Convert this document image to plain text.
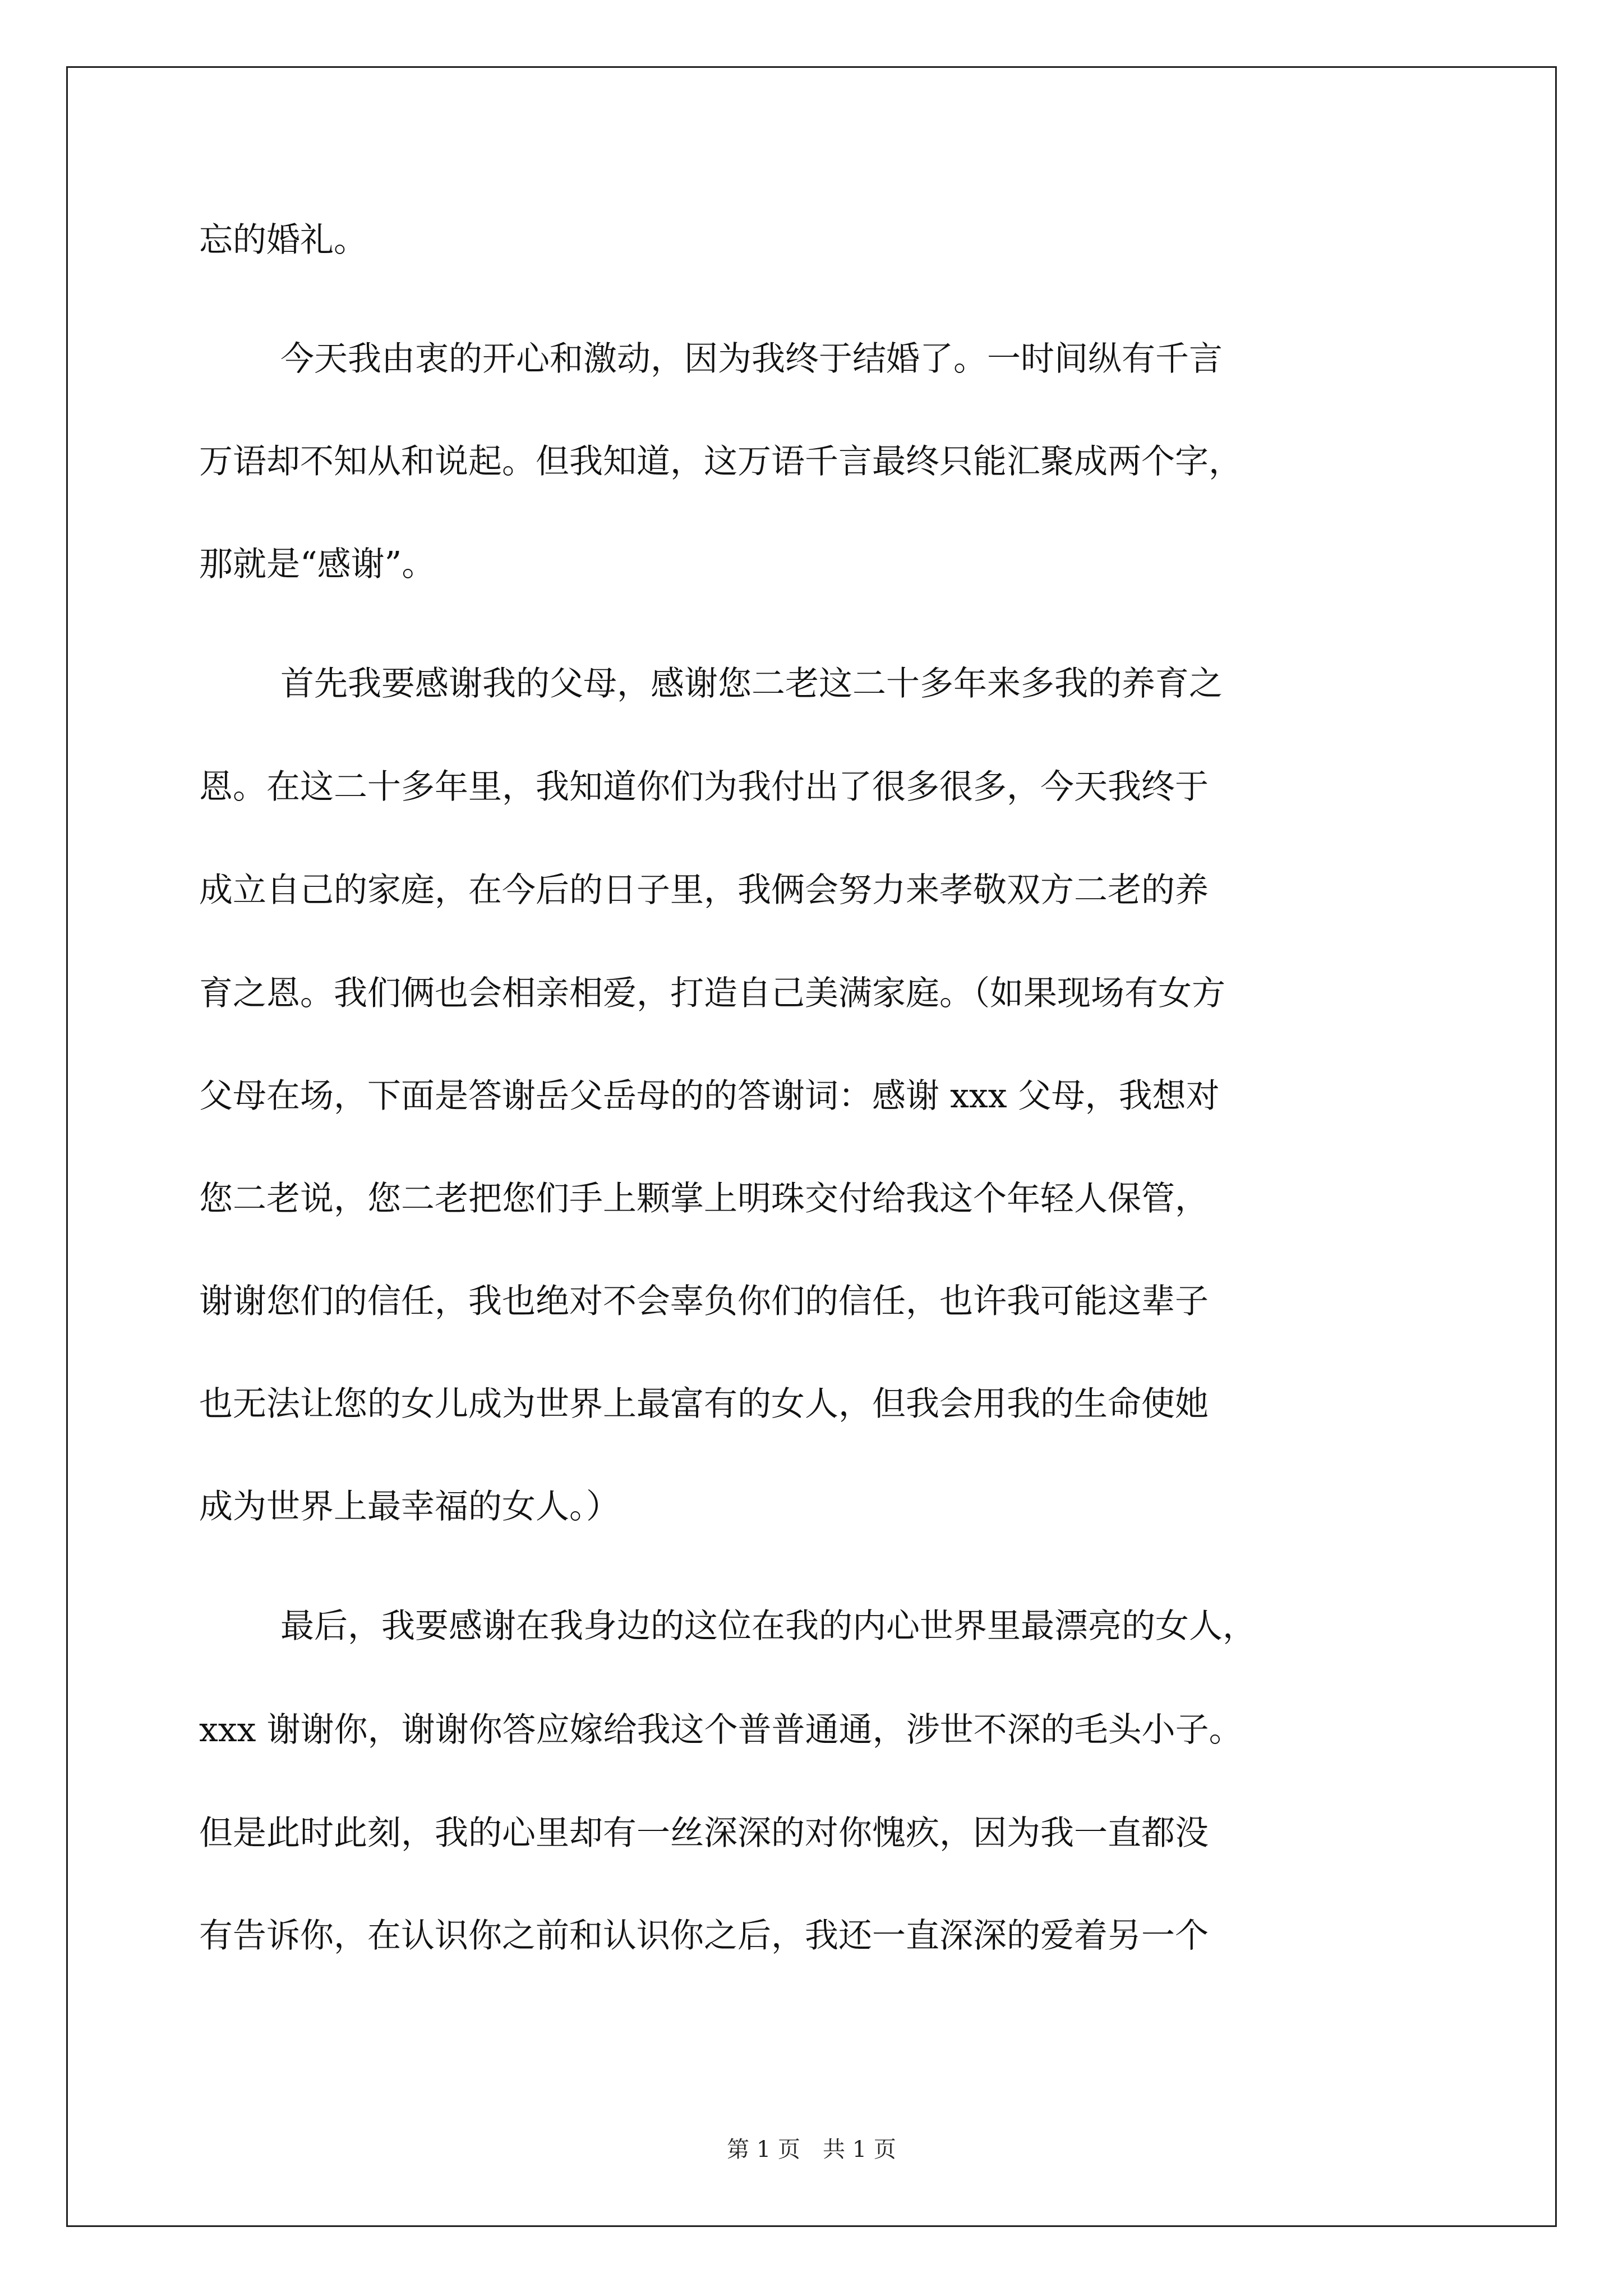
忘的婚礼。

今天我由衷的开心和激动，因为我终于结婚了。一时间纵有千言

万语却不知从和说起。但我知道，这万语千言最终只能汇聚成两个字，

那就是“感谢”。

首先我要感谢我的父母，感谢您二老这二十多年来多我的养育之

恩。在这二十多年里，我知道你们为我付出了很多很多，今天我终于

成立自己的家庭，在今后的日子里，我俩会努力来孝敬双方二老的养

育之恩。我们俩也会相亲相爱，打造自己美满家庭。（如果现场有女方

父母在场，下面是答谢岳父岳母的的答谢词：感谢 xxx 父母，我想对

您二老说，您二老把您们手上颗掌上明珠交付给我这个年轻人保管，

谢谢您们的信任，我也绝对不会辜负你们的信任，也许我可能这辈子

也无法让您的女儿成为世界上最富有的女人，但我会用我的生命使她

成为世界上最幸福的女人。）

最后，我要感谢在我身边的这位在我的内心世界里最漂亮的女人，

xxx 谢谢你，谢谢你答应嫁给我这个普普通通，涉世不深的毛头小子。

但是此时此刻，我的心里却有一丝深深的对你愧疚，因为我一直都没

有告诉你，在认识你之前和认识你之后，我还一直深深的爱着另一个

第 1 页　共 1 页
